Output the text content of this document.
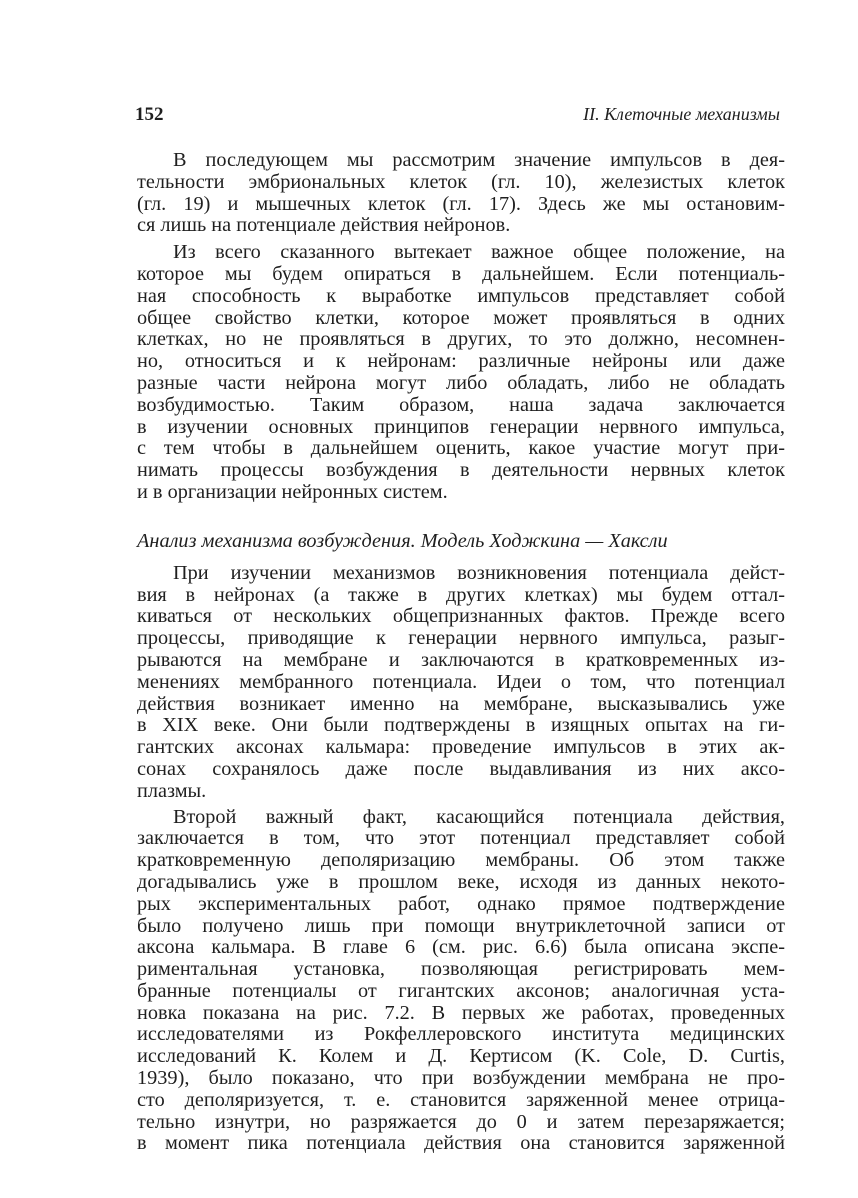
152	II. Клеточные механизмы
В последующем мы рассмотрим значение импульсов в дея-
тельности эмбриональных клеток (гл. 10), железистых клеток
(гл. 19) и мышечных клеток (гл. 17). Здесь же мы остановим-
ся лишь на потенциале действия нейронов.
Из всего сказанного вытекает важное общее положение, на
которое мы будем опираться в дальнейшем. Если потенциаль-
ная способность к выработке импульсов представляет собой
общее свойство клетки, которое может проявляться в одних
клетках, но не проявляться в других, то это должно, несомнен-
но, относиться и к нейронам: различные нейроны или даже
разные части нейрона могут либо обладать, либо не обладать
возбудимостью. Таким образом, наша задача заключается
в изучении основных принципов генерации нервного импульса,
с тем чтобы в дальнейшем оценить, какое участие могут при-
нимать процессы возбуждения в деятельности нервных клеток
и в организации нейронных систем.
Анализ механизма возбуждения. Модель Ходжкина — Хаксли
При изучении механизмов возникновения потенциала дейст-
вия в нейронах (а также в других клетках) мы будем оттал-
киваться от нескольких общепризнанных фактов. Прежде всего
процессы, приводящие к генерации нервного импульса, разыг-
рываются на мембране и заключаются в кратковременных из-
менениях мембранного потенциала. Идеи о том, что потенциал
действия возникает именно на мембране, высказывались уже
в XIX веке. Они были подтверждены в изящных опытах на ги-
гантских аксонах кальмара: проведение импульсов в этих ак-
сонах сохранялось даже после выдавливания из них аксо-
плазмы.
Второй важный факт, касающийся потенциала действия,
заключается в том, что этот потенциал представляет собой
кратковременную деполяризацию мембраны. Об этом также
догадывались уже в прошлом веке, исходя из данных некото-
рых экспериментальных работ, однако прямое подтверждение
было получено лишь при помощи внутриклеточной записи от
аксона кальмара. В главе 6 (см. рис. 6.6) была описана экспе-
риментальная установка, позволяющая регистрировать мем-
бранные потенциалы от гигантских аксонов; аналогичная уста-
новка показана на рис. 7.2. В первых же работах, проведенных
исследователями из Рокфеллеровского института медицинских
исследований К. Колем и Д. Кертисом (K. Cole, D. Curtis,
1939), было показано, что при возбуждении мембрана не про-
сто деполяризуется, т. е. становится заряженной менее отрица-
тельно изнутри, но разряжается до 0 и затем перезаряжается;
в момент пика потенциала действия она становится заряженной
